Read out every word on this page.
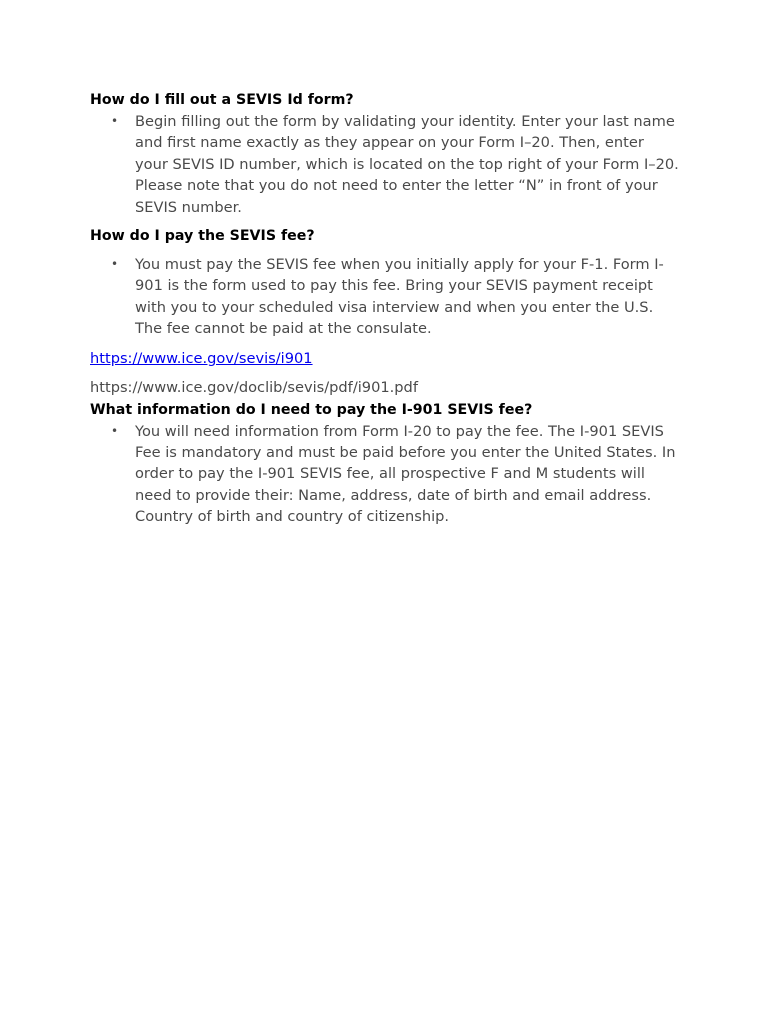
How do I fill out a SEVIS Id form?
• Begin filling out the form by validating your identity. Enter your last name and first name exactly as they appear on your Form I–20. Then, enter your SEVIS ID number, which is located on the top right of your Form I–20. Please note that you do not need to enter the letter “N” in front of your SEVIS number.
How do I pay the SEVIS fee?
• You must pay the SEVIS fee when you initially apply for your F-1. Form I-901 is the form used to pay this fee. Bring your SEVIS payment receipt with you to your scheduled visa interview and when you enter the U.S. The fee cannot be paid at the consulate.
https://www.ice.gov/sevis/i901
https://www.ice.gov/doclib/sevis/pdf/i901.pdf
What information do I need to pay the I-901 SEVIS fee?
• You will need information from Form I-20 to pay the fee. The I-901 SEVIS Fee is mandatory and must be paid before you enter the United States. In order to pay the I-901 SEVIS fee, all prospective F and M students will need to provide their: Name, address, date of birth and email address. Country of birth and country of citizenship.
